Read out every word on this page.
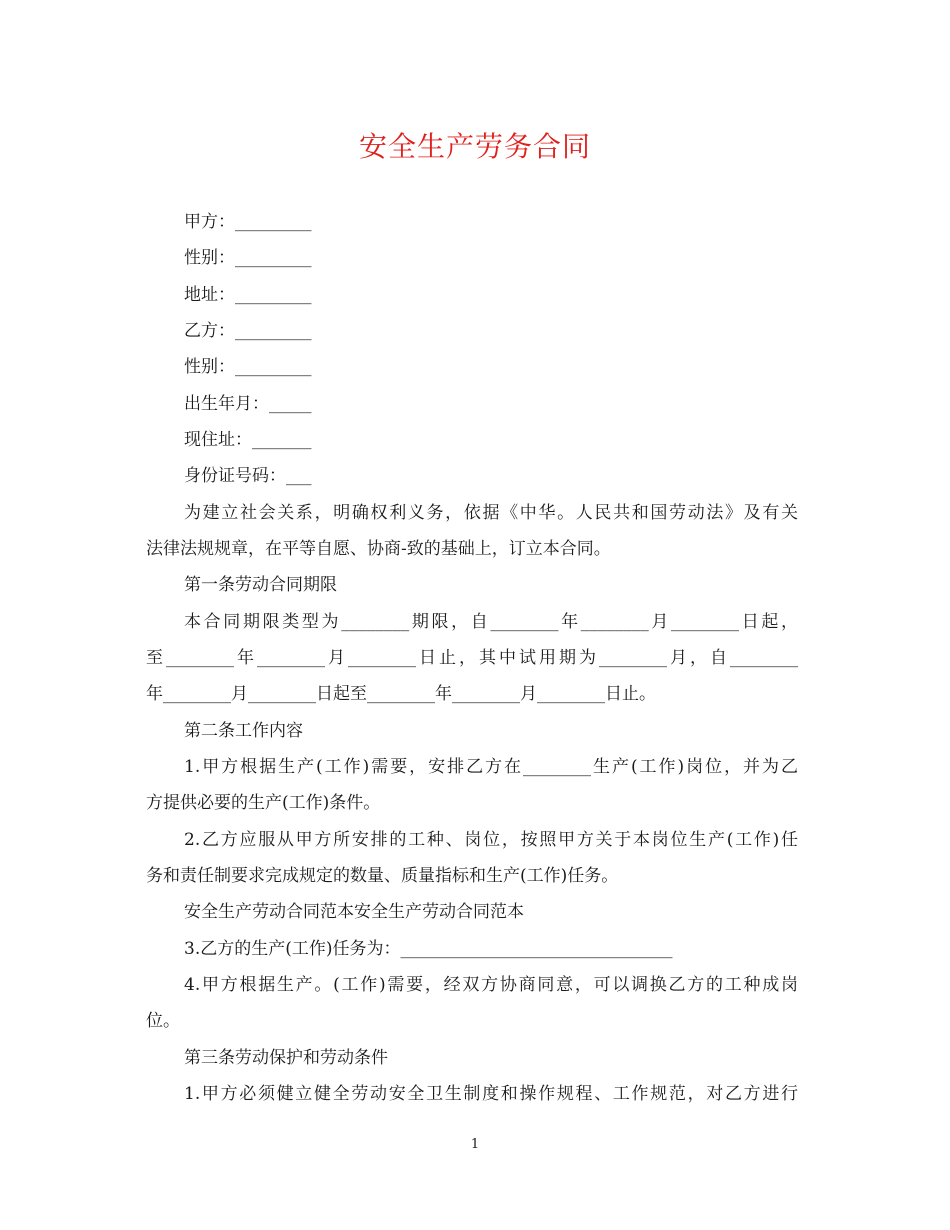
安全生产劳务合同
甲方：_________
性别：_________
地址：_________
乙方：_________
性别：_________
出生年月：_____
现住址：_______
身份证号码：___
为建立社会关系，明确权利义务，依据《中华。人民共和国劳动法》及有关
法律法规规章，在平等自愿、协商-致的基础上，订立本合同。
第一条劳动合同期限
本合同期限类型为________期限，自________年________月________日起，
至________年________月________日止，其中试用期为________月，自________
年________月________日起至________年________月________日止。
第二条工作内容
1.甲方根据生产(工作)需要，安排乙方在________生产(工作)岗位，并为乙
方提供必要的生产(工作)条件。
2.乙方应服从甲方所安排的工种、岗位，按照甲方关于本岗位生产(工作)任
务和责任制要求完成规定的数量、质量指标和生产(工作)任务。
安全生产劳动合同范本安全生产劳动合同范本
3.乙方的生产(工作)任务为：________________________________
4.甲方根据生产。(工作)需要，经双方协商同意，可以调换乙方的工种成岗
位。
第三条劳动保护和劳动条件
1.甲方必须健立健全劳动安全卫生制度和操作规程、工作规范，对乙方进行
1
